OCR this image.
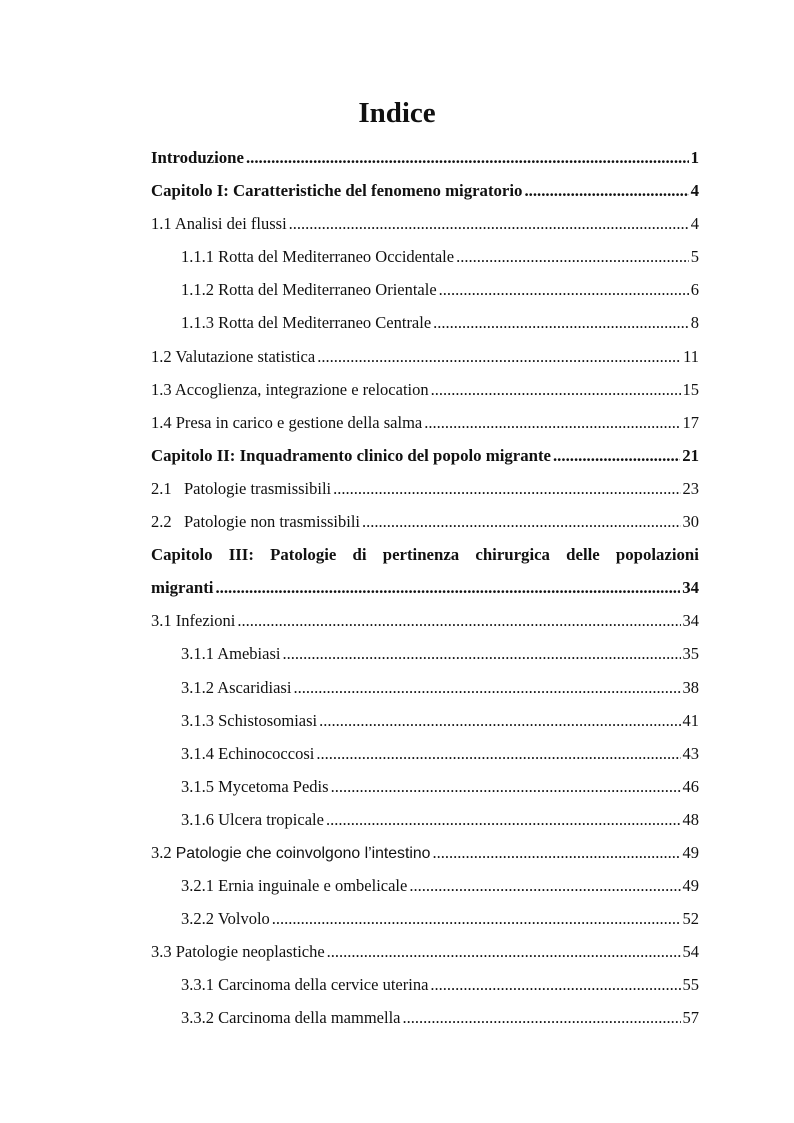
Indice
Introduzione .....	1
Capitolo I: Caratteristiche del fenomeno migratorio .....	4
1.1 Analisi dei flussi .....	4
1.1.1 Rotta del Mediterraneo Occidentale .....	5
1.1.2 Rotta del Mediterraneo Orientale .....	6
1.1.3 Rotta del Mediterraneo Centrale .....	8
1.2 Valutazione statistica .....	11
1.3 Accoglienza, integrazione e relocation .....	15
1.4 Presa in carico e gestione della salma .....	17
Capitolo II: Inquadramento clinico del popolo migrante .....	21
2.1   Patologie trasmissibili .....	23
2.2   Patologie non trasmissibili .....	30
Capitolo III: Patologie di pertinenza chirurgica delle popolazioni
migranti .....	34
3.1 Infezioni .....	34
3.1.1 Amebiasi .....	35
3.1.2 Ascaridiasi .....	38
3.1.3 Schistosomiasi .....	41
3.1.4 Echinococcosi .....	43
3.1.5 Mycetoma Pedis .....	46
3.1.6 Ulcera tropicale .....	48
3.2 Patologie che coinvolgono l’intestino .....	49
3.2.1 Ernia inguinale e ombelicale .....	49
3.2.2 Volvolo .....	52
3.3 Patologie neoplastiche .....	54
3.3.1 Carcinoma della cervice uterina .....	55
3.3.2 Carcinoma della mammella .....	57
